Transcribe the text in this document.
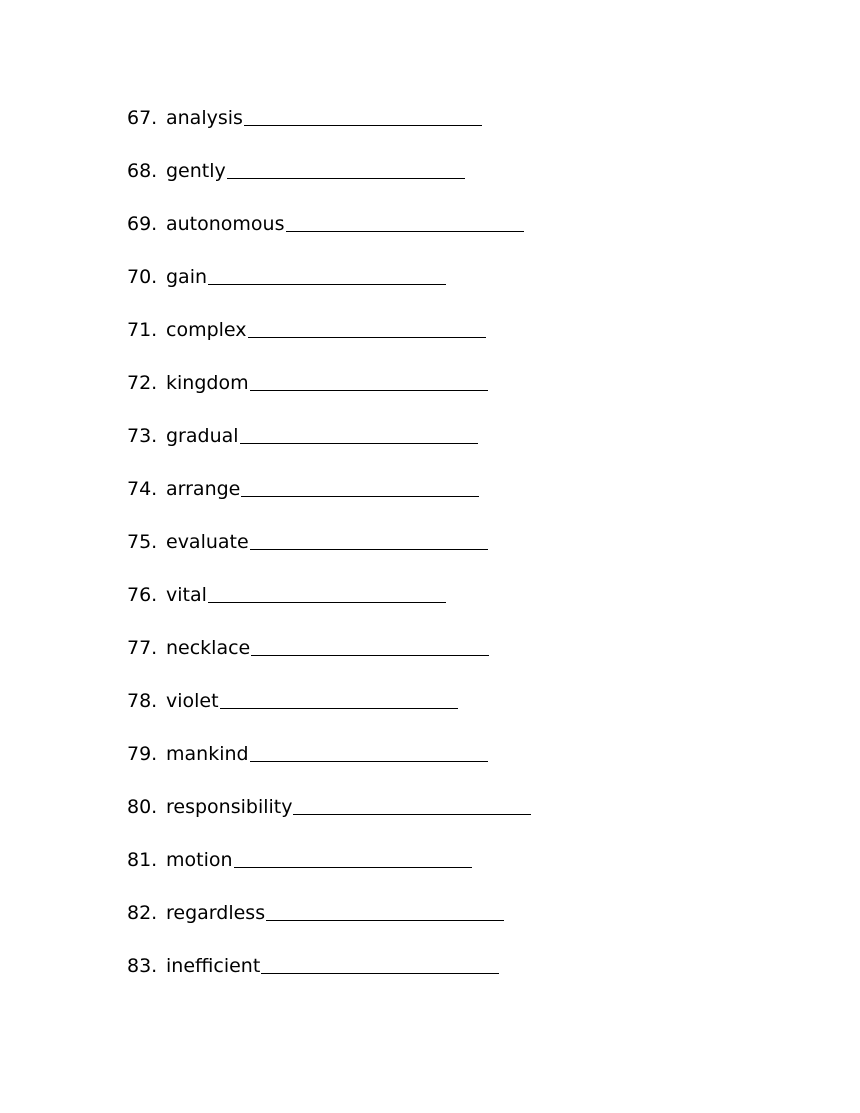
67. analysis
68. gently
69. autonomous
70. gain
71. complex
72. kingdom
73. gradual
74. arrange
75. evaluate
76. vital
77. necklace
78. violet
79. mankind
80. responsibility
81. motion
82. regardless
83. inefficient
